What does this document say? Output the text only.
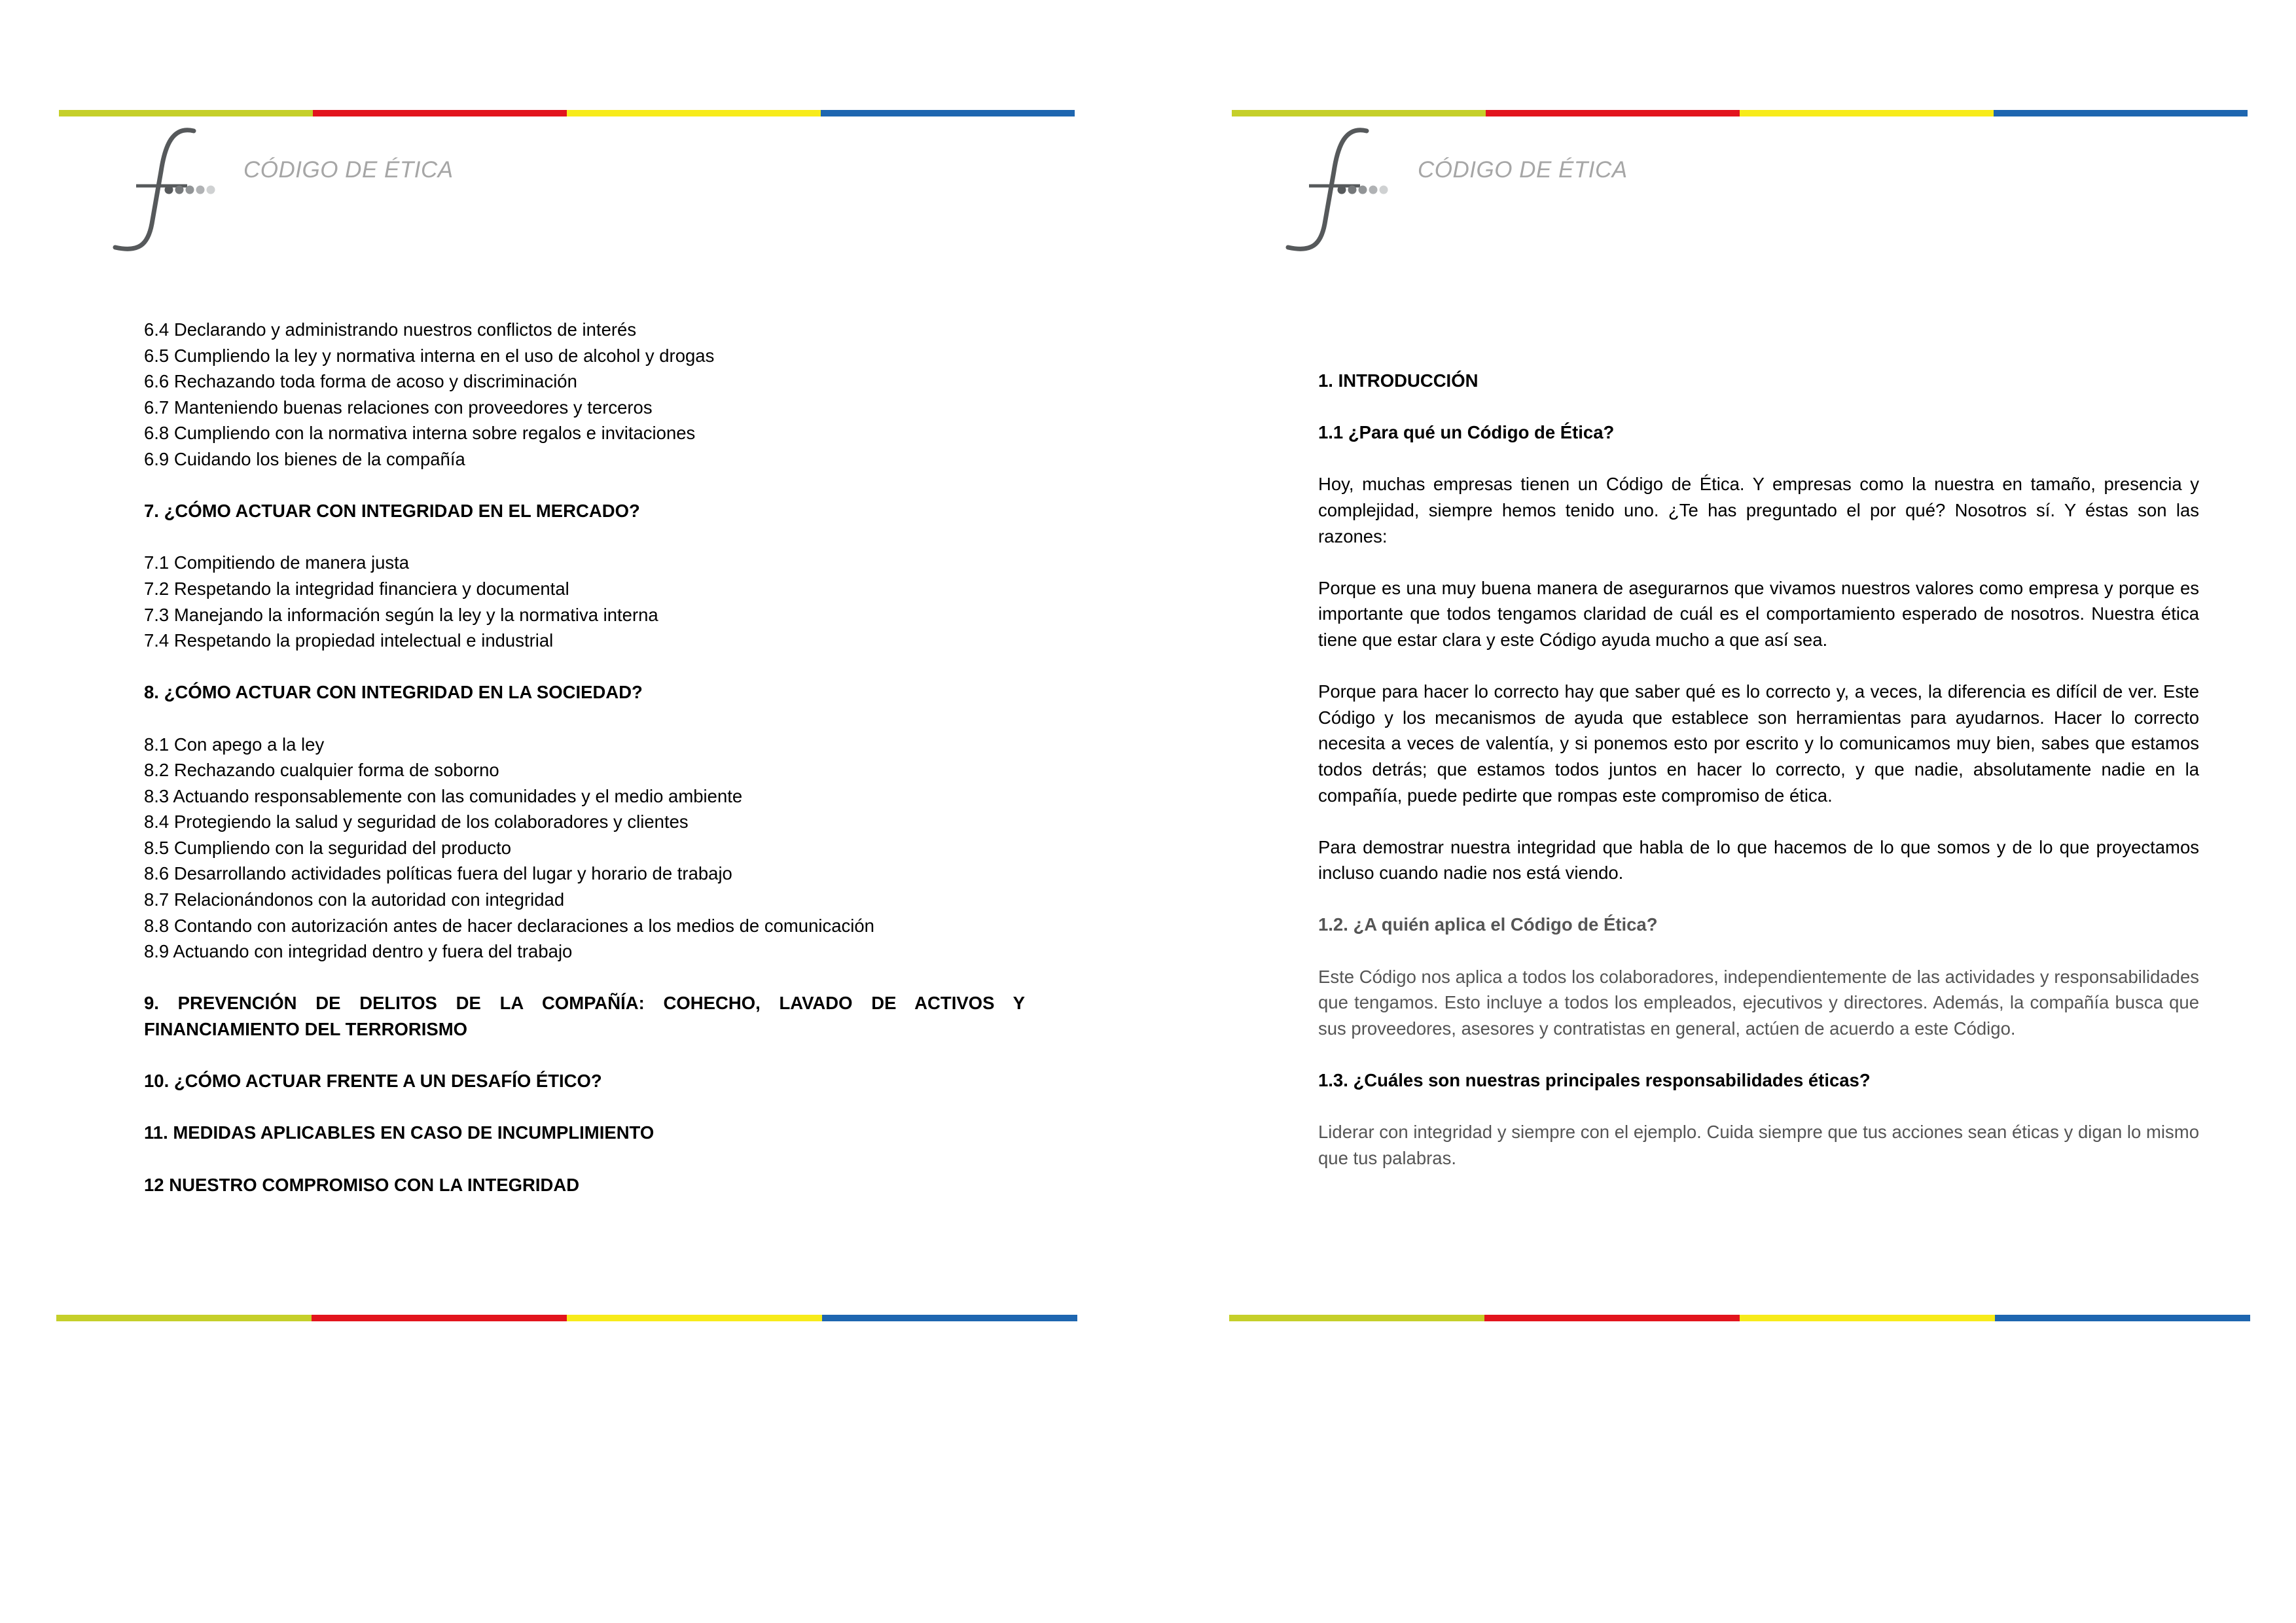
CÓDIGO DE ÉTICA
6.4 Declarando y administrando nuestros conflictos de interés
6.5 Cumpliendo la ley y normativa interna en el uso de alcohol y drogas
6.6 Rechazando toda forma de acoso y discriminación
6.7 Manteniendo buenas relaciones con proveedores y terceros
6.8 Cumpliendo con la normativa interna sobre regalos e invitaciones
6.9 Cuidando los bienes de la compañía
7. ¿CÓMO ACTUAR CON INTEGRIDAD EN EL MERCADO?
7.1 Compitiendo de manera justa
7.2 Respetando la integridad financiera y documental
7.3 Manejando la información según la ley y la normativa interna
7.4 Respetando la propiedad intelectual e industrial
8. ¿CÓMO ACTUAR CON INTEGRIDAD EN LA SOCIEDAD?
8.1 Con apego a la ley
8.2 Rechazando cualquier forma de soborno
8.3 Actuando responsablemente con las comunidades y el medio ambiente
8.4 Protegiendo la salud y seguridad de los colaboradores y clientes
8.5 Cumpliendo con la seguridad del producto
8.6 Desarrollando actividades políticas fuera del lugar y horario de trabajo
8.7 Relacionándonos con la autoridad con integridad
8.8 Contando con autorización antes de hacer declaraciones a los medios de comunicación
8.9 Actuando con integridad dentro y fuera del trabajo
9. PREVENCIÓN DE DELITOS DE LA COMPAÑÍA: COHECHO, LAVADO DE ACTIVOS Y FINANCIAMIENTO DEL TERRORISMO
10. ¿CÓMO ACTUAR FRENTE A UN DESAFÍO ÉTICO?
11. MEDIDAS APLICABLES EN CASO DE INCUMPLIMIENTO
12 NUESTRO COMPROMISO CON LA INTEGRIDAD
CÓDIGO DE ÉTICA
1. INTRODUCCIÓN
1.1 ¿Para qué un Código de Ética?
Hoy, muchas empresas tienen un Código de Ética. Y empresas como la nuestra en tamaño, presencia y complejidad, siempre hemos tenido uno. ¿Te has preguntado el por qué? Nosotros sí. Y éstas son las razones:
Porque es una muy buena manera de asegurarnos que vivamos nuestros valores como empresa y porque es importante que todos tengamos claridad de cuál es el comportamiento esperado de nosotros. Nuestra ética tiene que estar clara y este Código ayuda mucho a que así sea.
Porque para hacer lo correcto hay que saber qué es lo correcto y, a veces, la diferencia es difícil de ver. Este Código y los mecanismos de ayuda que establece son herramientas para ayudarnos. Hacer lo correcto necesita a veces de valentía, y si ponemos esto por escrito y lo comunicamos muy bien, sabes que estamos todos detrás; que estamos todos juntos en hacer lo correcto, y que nadie, absolutamente nadie en la compañía, puede pedirte que rompas este compromiso de ética.
Para demostrar nuestra integridad que habla de lo que hacemos de lo que somos y de lo que proyectamos incluso cuando nadie nos está viendo.
1.2. ¿A quién aplica el Código de Ética?
Este Código nos aplica a todos los colaboradores, independientemente de las actividades y responsabilidades que tengamos. Esto incluye a todos los empleados, ejecutivos y directores. Además, la compañía busca que sus proveedores, asesores y contratistas en general, actúen de acuerdo a este Código.
1.3. ¿Cuáles son nuestras principales responsabilidades éticas?
Liderar con integridad y siempre con el ejemplo. Cuida siempre que tus acciones sean éticas y digan lo mismo que tus palabras.
